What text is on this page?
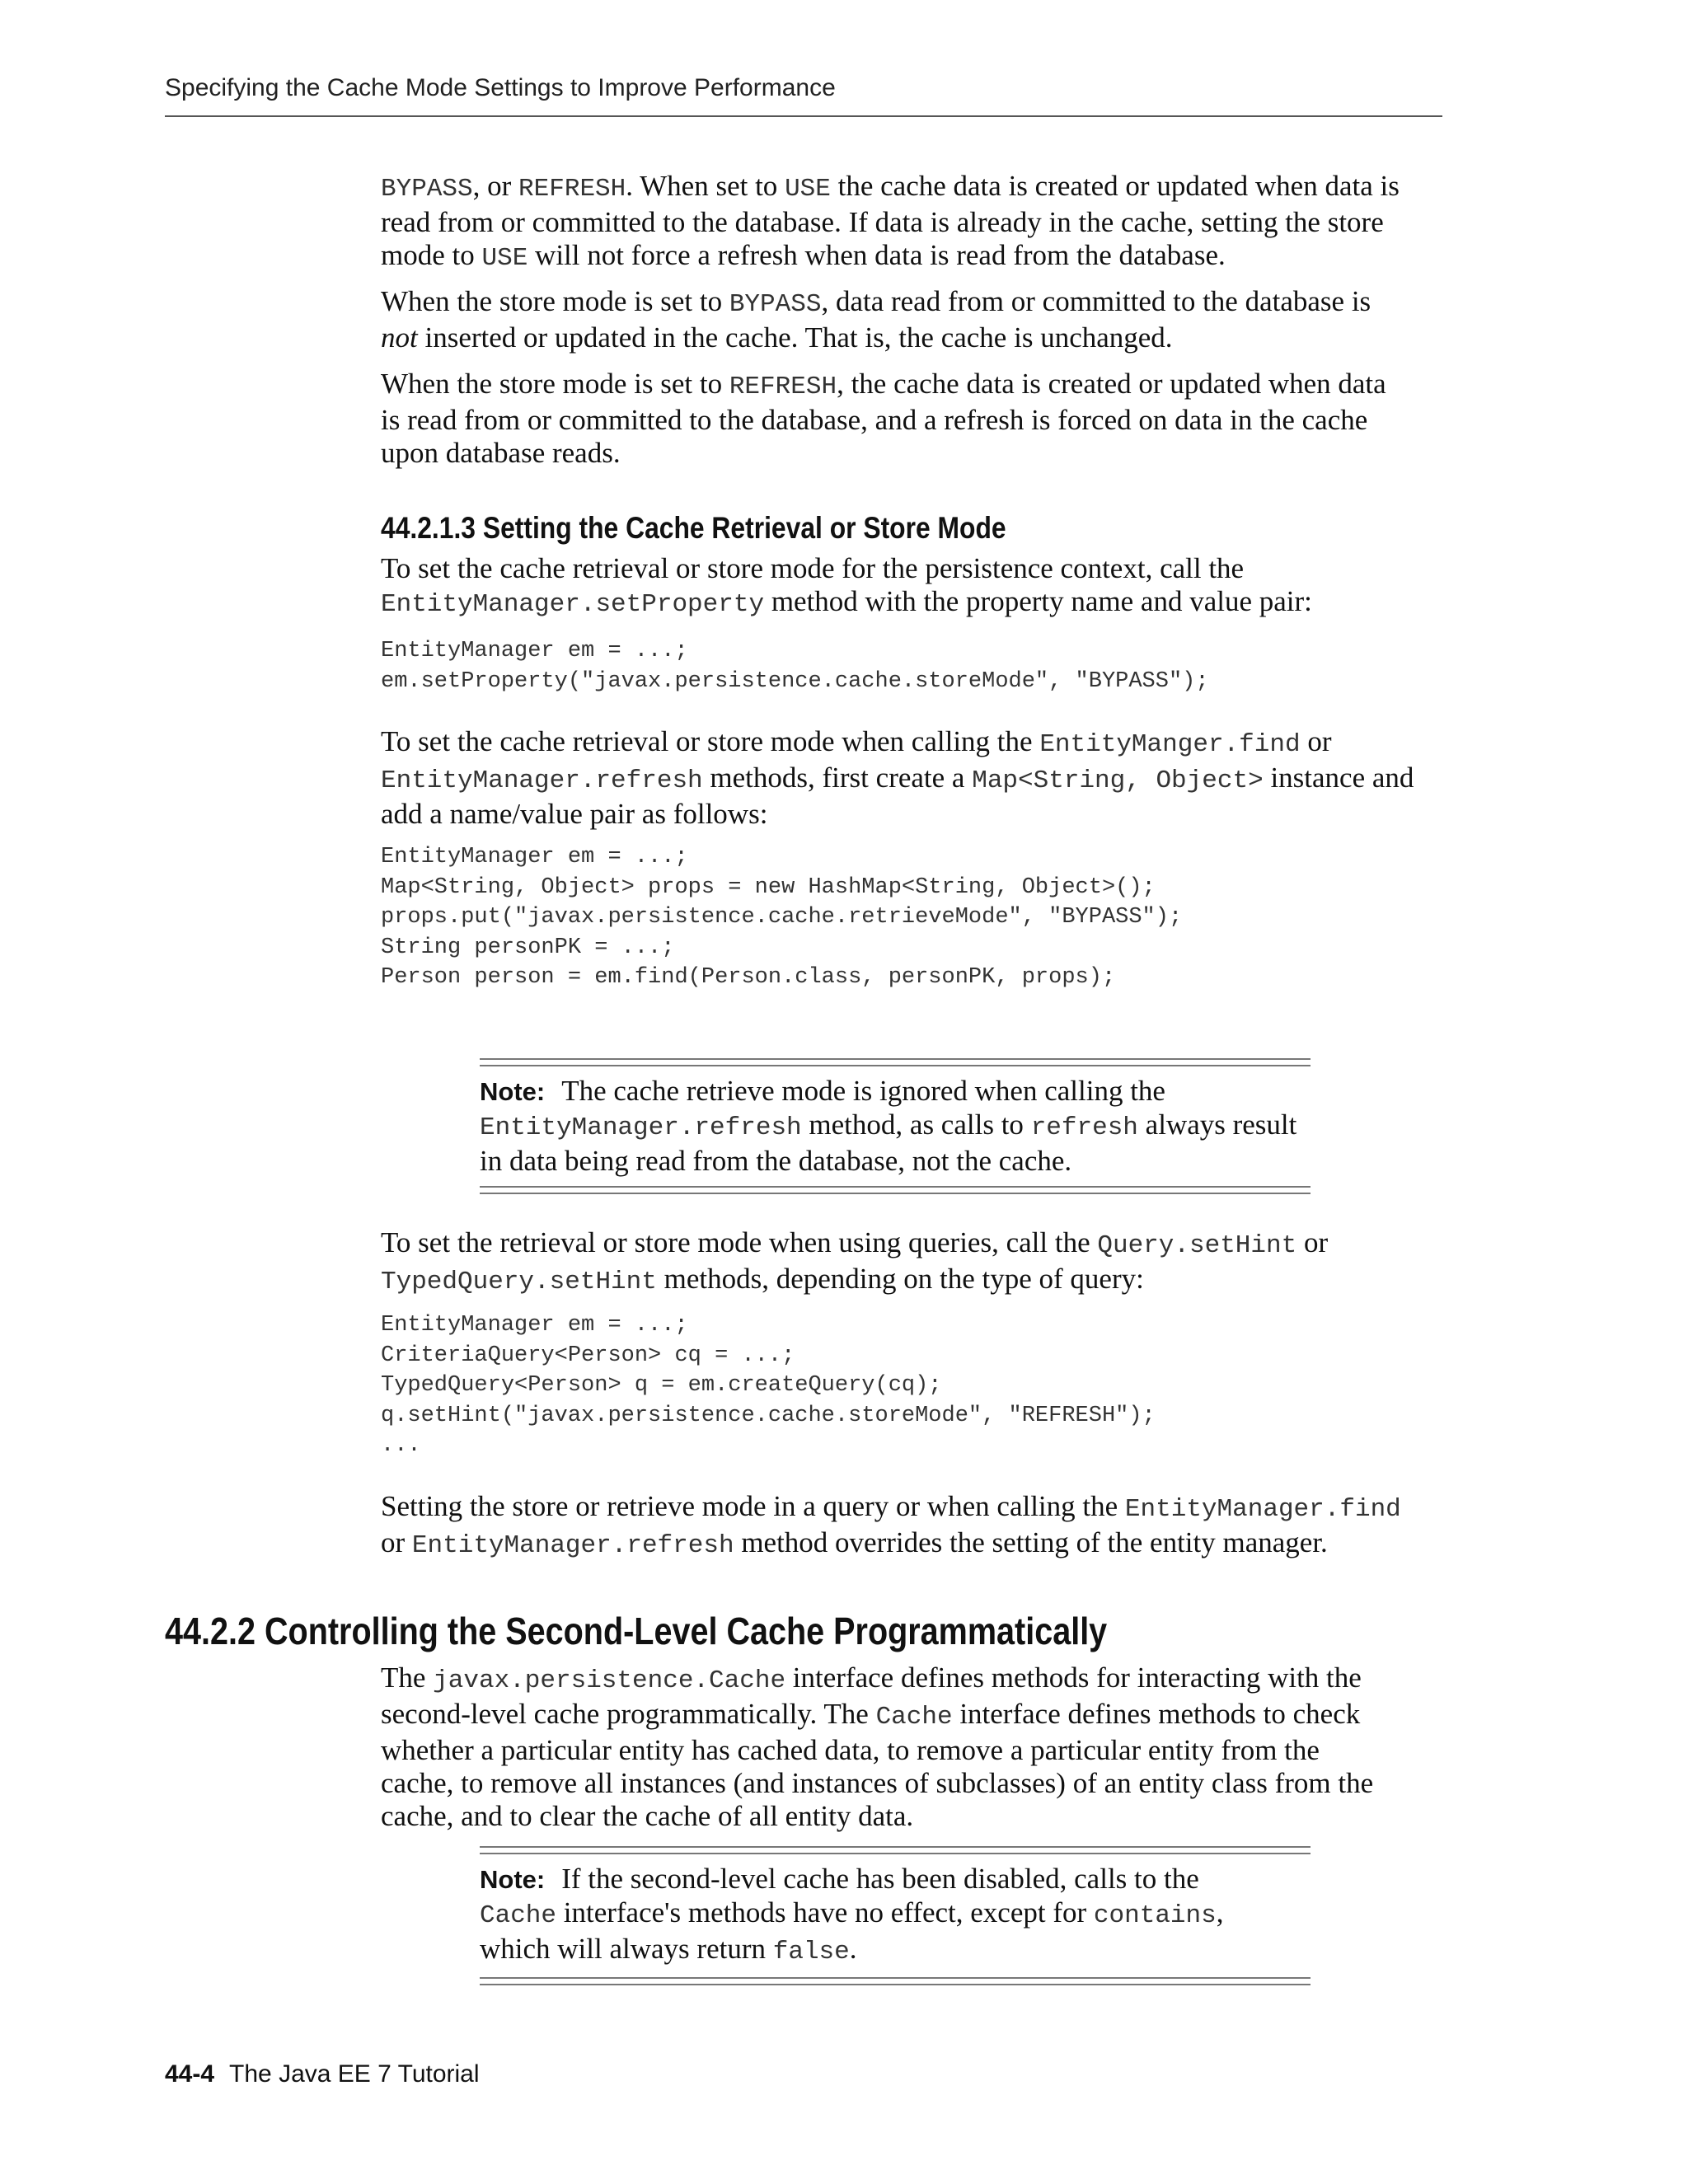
Specifying the Cache Mode Settings to Improve Performance
BYPASS, or REFRESH. When set to USE the cache data is created or updated when data is
read from or committed to the database. If data is already in the cache, setting the store
mode to USE will not force a refresh when data is read from the database.
When the store mode is set to BYPASS, data read from or committed to the database is
not inserted or updated in the cache. That is, the cache is unchanged.
When the store mode is set to REFRESH, the cache data is created or updated when data
is read from or committed to the database, and a refresh is forced on data in the cache
upon database reads.
44.2.1.3 Setting the Cache Retrieval or Store Mode
To set the cache retrieval or store mode for the persistence context, call the
EntityManager.setProperty method with the property name and value pair:
EntityManager em = ...;
em.setProperty("javax.persistence.cache.storeMode", "BYPASS");
To set the cache retrieval or store mode when calling the EntityManger.find or
EntityManager.refresh methods, first create a Map<String, Object> instance and
add a name/value pair as follows:
EntityManager em = ...;
Map<String, Object> props = new HashMap<String, Object>();
props.put("javax.persistence.cache.retrieveMode", "BYPASS");
String personPK = ...;
Person person = em.find(Person.class, personPK, props);
Note: The cache retrieve mode is ignored when calling the
EntityManager.refresh method, as calls to refresh always result
in data being read from the database, not the cache.
To set the retrieval or store mode when using queries, call the Query.setHint or
TypedQuery.setHint methods, depending on the type of query:
EntityManager em = ...;
CriteriaQuery<Person> cq = ...;
TypedQuery<Person> q = em.createQuery(cq);
q.setHint("javax.persistence.cache.storeMode", "REFRESH");
...
Setting the store or retrieve mode in a query or when calling the EntityManager.find
or EntityManager.refresh method overrides the setting of the entity manager.
44.2.2 Controlling the Second-Level Cache Programmatically
The javax.persistence.Cache interface defines methods for interacting with the
second-level cache programmatically. The Cache interface defines methods to check
whether a particular entity has cached data, to remove a particular entity from the
cache, to remove all instances (and instances of subclasses) of an entity class from the
cache, and to clear the cache of all entity data.
Note: If the second-level cache has been disabled, calls to the
Cache interface's methods have no effect, except for contains,
which will always return false.
44-4 The Java EE 7 Tutorial
